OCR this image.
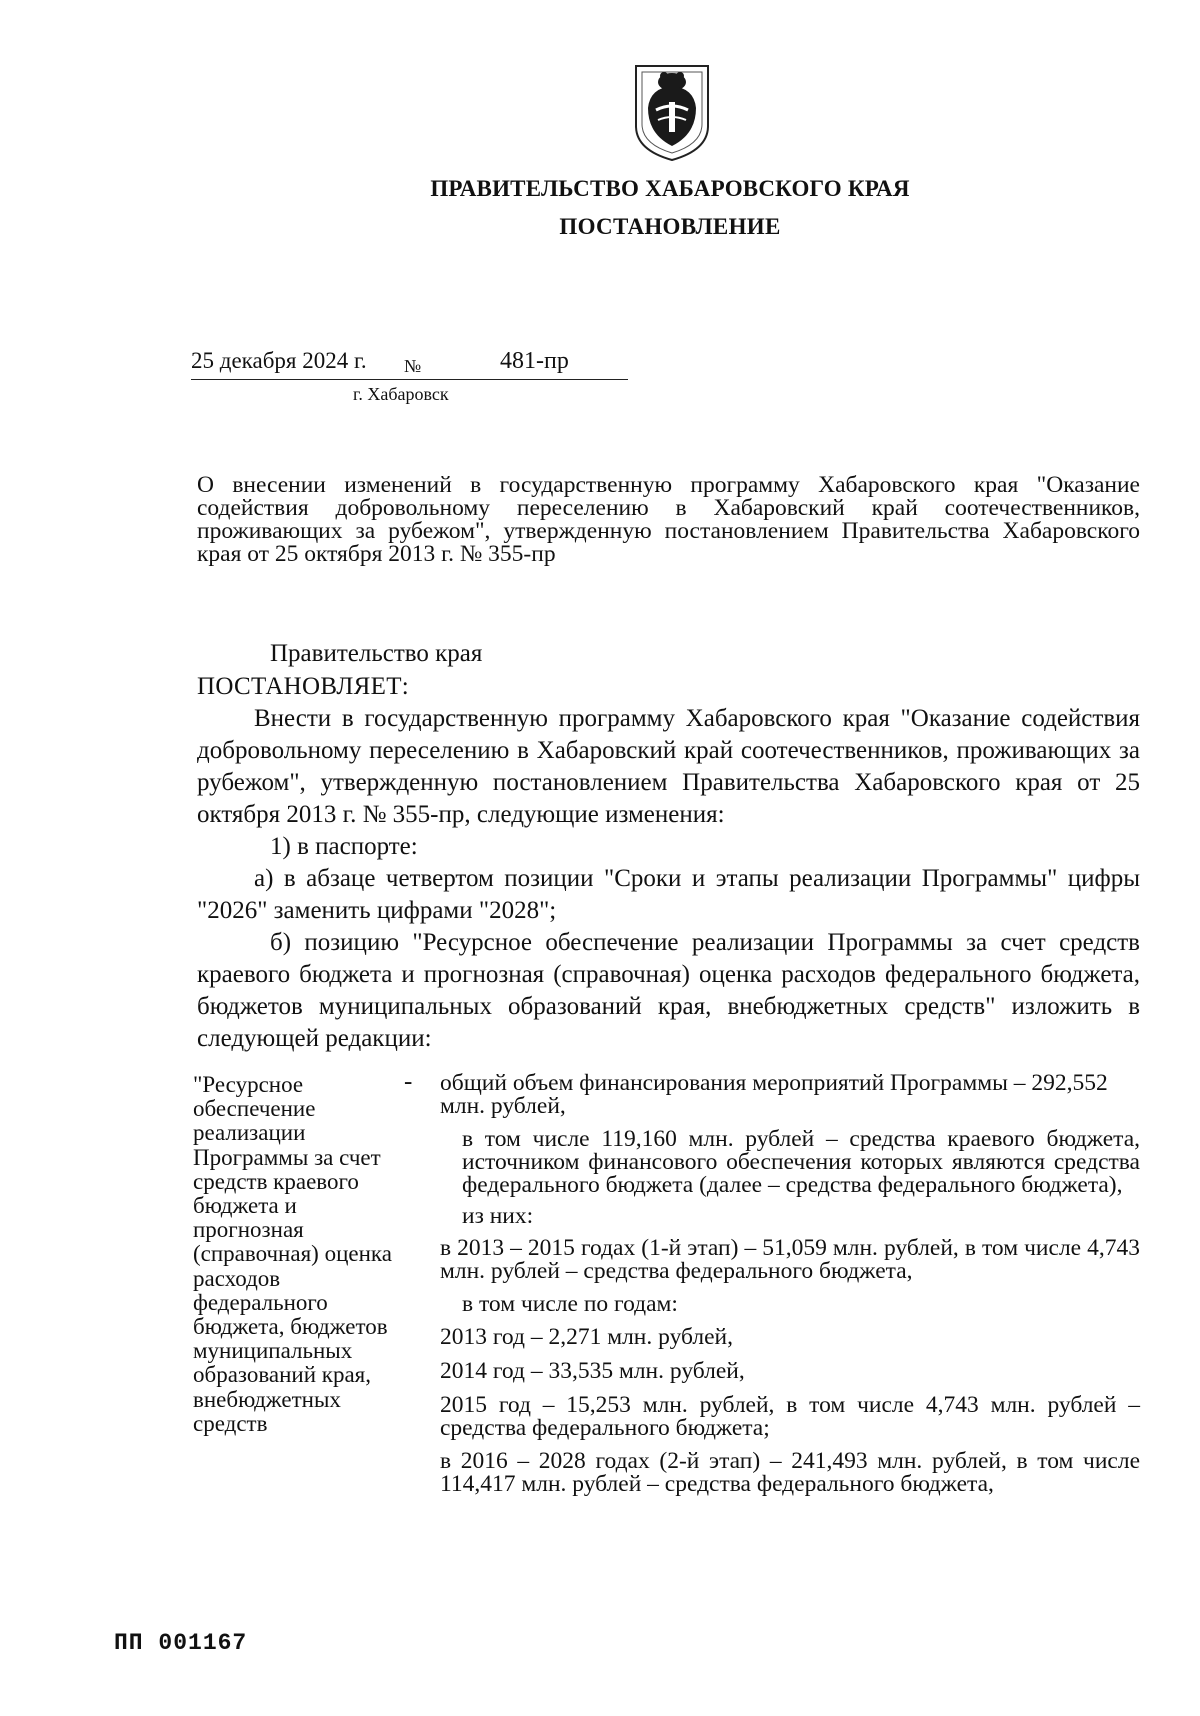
ПРАВИТЕЛЬСТВО ХАБАРОВСКОГО КРАЯ
ПОСТАНОВЛЕНИЕ
25 декабря 2024 г. №	481-пр
г. Хабаровск
О внесении изменений в государственную программу Хабаровского края "Оказание содействия добровольному переселению в Хабаровский край соотечественников, проживающих за рубежом", утвержденную постановлением Правительства Хабаровского края от 25 октября 2013 г. № 355-пр
Правительство края
ПОСТАНОВЛЯЕТ:
Внести в государственную программу Хабаровского края "Оказание содействия добровольному переселению в Хабаровский край соотечественников, проживающих за рубежом", утвержденную постановлением Правительства Хабаровского края от 25 октября 2013 г. № 355-пр, следующие изменения:
1) в паспорте:
а) в абзаце четвертом позиции "Сроки и этапы реализации Программы" цифры "2026" заменить цифрами "2028";
б) позицию "Ресурсное обеспечение реализации Программы за счет средств краевого бюджета и прогнозная (справочная) оценка расходов федерального бюджета, бюджетов муниципальных образований края, внебюджетных средств" изложить в следующей редакции:
"Ресурсное обеспечение реализации Программы за счет средств краевого бюджета и прогнозная (справочная) оценка расходов федерального бюджета, бюджетов муниципальных образований края, внебюджетных средств
- общий объем финансирования мероприятий Программы – 292,552 млн. рублей,

в том числе 119,160 млн. рублей – средства краевого бюджета, источником финансового обеспечения которых являются средства федерального бюджета (далее – средства федерального бюджета),

из них:

в 2013 – 2015 годах (1-й этап) – 51,059 млн. рублей, в том числе 4,743 млн. рублей – средства федерального бюджета,

в том числе по годам:

2013 год – 2,271 млн. рублей,

2014 год – 33,535 млн. рублей,

2015 год – 15,253 млн. рублей, в том числе 4,743 млн. рублей – средства федерального бюджета;

в 2016 – 2028 годах (2-й этап) – 241,493 млн. рублей, в том числе 114,417 млн. рублей – средства федерального бюджета,

ПП 001167
